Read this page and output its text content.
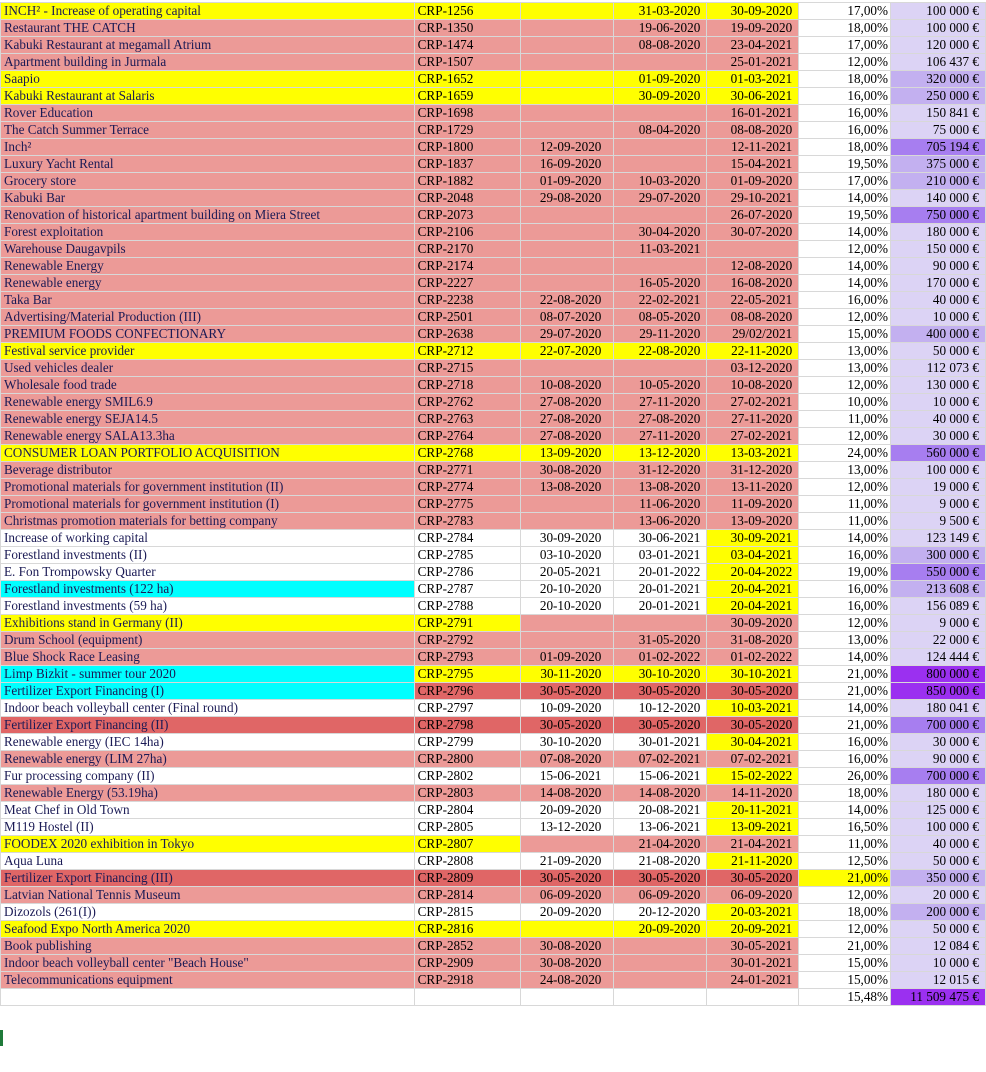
INCH² - Increase of operating capital	CRP-1256		31-03-2020	30-09-2020	17,00%	100 000 €
Restaurant THE CATCH	CRP-1350		19-06-2020	19-09-2020	18,00%	100 000 €
Kabuki Restaurant at megamall Atrium	CRP-1474		08-08-2020	23-04-2021	17,00%	120 000 €
Apartment building in Jurmala	CRP-1507			25-01-2021	12,00%	106 437 €
Saapio	CRP-1652		01-09-2020	01-03-2021	18,00%	320 000 €
Kabuki Restaurant at Salaris	CRP-1659		30-09-2020	30-06-2021	16,00%	250 000 €
Rover Education	CRP-1698			16-01-2021	16,00%	150 841 €
The Catch Summer Terrace	CRP-1729		08-04-2020	08-08-2020	16,00%	75 000 €
Inch²	CRP-1800	12-09-2020		12-11-2021	18,00%	705 194 €
Luxury Yacht Rental	CRP-1837	16-09-2020		15-04-2021	19,50%	375 000 €
Grocery store	CRP-1882	01-09-2020	10-03-2020	01-09-2020	17,00%	210 000 €
Kabuki Bar	CRP-2048	29-08-2020	29-07-2020	29-10-2021	14,00%	140 000 €
Renovation of historical apartment building on Miera Street	CRP-2073			26-07-2020	19,50%	750 000 €
Forest exploitation	CRP-2106		30-04-2020	30-07-2020	14,00%	180 000 €
Warehouse Daugavpils	CRP-2170		11-03-2021		12,00%	150 000 €
Renewable Energy	CRP-2174			12-08-2020	14,00%	90 000 €
Renewable energy	CRP-2227		16-05-2020	16-08-2020	14,00%	170 000 €
Taka Bar	CRP-2238	22-08-2020	22-02-2021	22-05-2021	16,00%	40 000 €
Advertising/Material Production (III)	CRP-2501	08-07-2020	08-05-2020	08-08-2020	12,00%	10 000 €
PREMIUM FOODS CONFECTIONARY	CRP-2638	29-07-2020	29-11-2020	29/02/2021	15,00%	400 000 €
Festival service provider	CRP-2712	22-07-2020	22-08-2020	22-11-2020	13,00%	50 000 €
Used vehicles dealer	CRP-2715			03-12-2020	13,00%	112 073 €
Wholesale food trade	CRP-2718	10-08-2020	10-05-2020	10-08-2020	12,00%	130 000 €
Renewable energy SMIL6.9	CRP-2762	27-08-2020	27-11-2020	27-02-2021	10,00%	10 000 €
Renewable energy SEJA14.5	CRP-2763	27-08-2020	27-08-2020	27-11-2020	11,00%	40 000 €
Renewable energy SALA13.3ha	CRP-2764	27-08-2020	27-11-2020	27-02-2021	12,00%	30 000 €
CONSUMER LOAN PORTFOLIO ACQUISITION	CRP-2768	13-09-2020	13-12-2020	13-03-2021	24,00%	560 000 €
Beverage distributor	CRP-2771	30-08-2020	31-12-2020	31-12-2020	13,00%	100 000 €
Promotional materials for government institution (II)	CRP-2774	13-08-2020	13-08-2020	13-11-2020	12,00%	19 000 €
Promotional materials for government institution (I)	CRP-2775		11-06-2020	11-09-2020	11,00%	9 000 €
Christmas promotion materials for betting company	CRP-2783		13-06-2020	13-09-2020	11,00%	9 500 €
Increase of working capital	CRP-2784	30-09-2020	30-06-2021	30-09-2021	14,00%	123 149 €
Forestland investments (II)	CRP-2785	03-10-2020	03-01-2021	03-04-2021	16,00%	300 000 €
E. Fon Trompowsky Quarter	CRP-2786	20-05-2021	20-01-2022	20-04-2022	19,00%	550 000 €
Forestland investments (122 ha)	CRP-2787	20-10-2020	20-01-2021	20-04-2021	16,00%	213 608 €
Forestland investments (59 ha)	CRP-2788	20-10-2020	20-01-2021	20-04-2021	16,00%	156 089 €
Exhibitions stand in Germany (II)	CRP-2791			30-09-2020	12,00%	9 000 €
Drum School (equipment)	CRP-2792		31-05-2020	31-08-2020	13,00%	22 000 €
Blue Shock Race Leasing	CRP-2793	01-09-2020	01-02-2022	01-02-2022	14,00%	124 444 €
Limp Bizkit - summer tour 2020	CRP-2795	30-11-2020	30-10-2020	30-10-2021	21,00%	800 000 €
Fertilizer Export Financing (I)	CRP-2796	30-05-2020	30-05-2020	30-05-2020	21,00%	850 000 €
Indoor beach volleyball center (Final round)	CRP-2797	10-09-2020	10-12-2020	10-03-2021	14,00%	180 041 €
Fertilizer Export Financing (II)	CRP-2798	30-05-2020	30-05-2020	30-05-2020	21,00%	700 000 €
Renewable energy (IEC 14ha)	CRP-2799	30-10-2020	30-01-2021	30-04-2021	16,00%	30 000 €
Renewable energy (LIM 27ha)	CRP-2800	07-08-2020	07-02-2021	07-02-2021	16,00%	90 000 €
Fur processing company (II)	CRP-2802	15-06-2021	15-06-2021	15-02-2022	26,00%	700 000 €
Renewable Energy (53.19ha)	CRP-2803	14-08-2020	14-08-2020	14-11-2020	18,00%	180 000 €
Meat Chef in Old Town	CRP-2804	20-09-2020	20-08-2021	20-11-2021	14,00%	125 000 €
M119 Hostel (II)	CRP-2805	13-12-2020	13-06-2021	13-09-2021	16,50%	100 000 €
FOODEX 2020 exhibition in Tokyo	CRP-2807		21-04-2020	21-04-2021	11,00%	40 000 €
Aqua Luna	CRP-2808	21-09-2020	21-08-2020	21-11-2020	12,50%	50 000 €
Fertilizer Export Financing (III)	CRP-2809	30-05-2020	30-05-2020	30-05-2020	21,00%	350 000 €
Latvian National Tennis Museum	CRP-2814	06-09-2020	06-09-2020	06-09-2020	12,00%	20 000 €
Dizozols (261(I))	CRP-2815	20-09-2020	20-12-2020	20-03-2021	18,00%	200 000 €
Seafood Expo North America 2020	CRP-2816		20-09-2020	20-09-2021	12,00%	50 000 €
Book publishing	CRP-2852	30-08-2020		30-05-2021	21,00%	12 084 €
Indoor beach volleyball center "Beach House"	CRP-2909	30-08-2020		30-01-2021	15,00%	10 000 €
Telecommunications equipment	CRP-2918	24-08-2020		24-01-2021	15,00%	12 015 €
					15,48%	11 509 475 €
